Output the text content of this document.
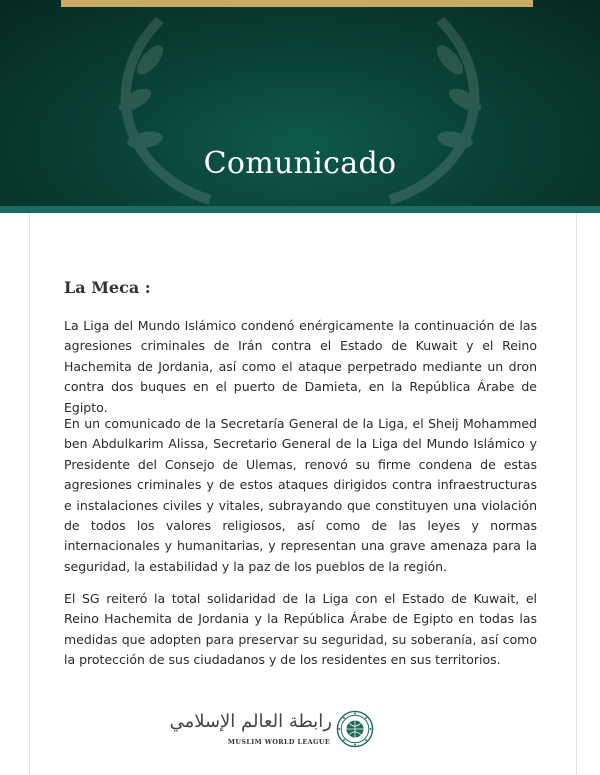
Comunicado
La Meca :

La Liga del Mundo Islámico condenó enérgicamente la continuación de las agresiones criminales de Irán contra el Estado de Kuwait y el Reino Hachemita de Jordania, así como el ataque perpetrado mediante un dron contra dos buques en el puerto de Damieta, en la República Árabe de Egipto.

En un comunicado de la Secretaría General de la Liga, el Sheij Mohammed ben Abdulkarim Alissa, Secretario General de la Liga del Mundo Islámico y Presidente del Consejo de Ulemas, renovó su firme condena de estas agresiones criminales y de estos ataques dirigidos contra infraestructuras e instalaciones civiles y vitales, subrayando que constituyen una violación de todos los valores religiosos, así como de las leyes y normas internacionales y humanitarias, y representan una grave amenaza para la seguridad, la estabilidad y la paz de los pueblos de la región.

El SG reiteró la total solidaridad de la Liga con el Estado de Kuwait, el Reino Hachemita de Jordania y la República Árabe de Egipto en todas las medidas que adopten para preservar su seguridad, su soberanía, así como la protección de sus ciudadanos y de los residentes en sus territorios.

رابطة العالم الإسلامي
MUSLIM WORLD LEAGUE
